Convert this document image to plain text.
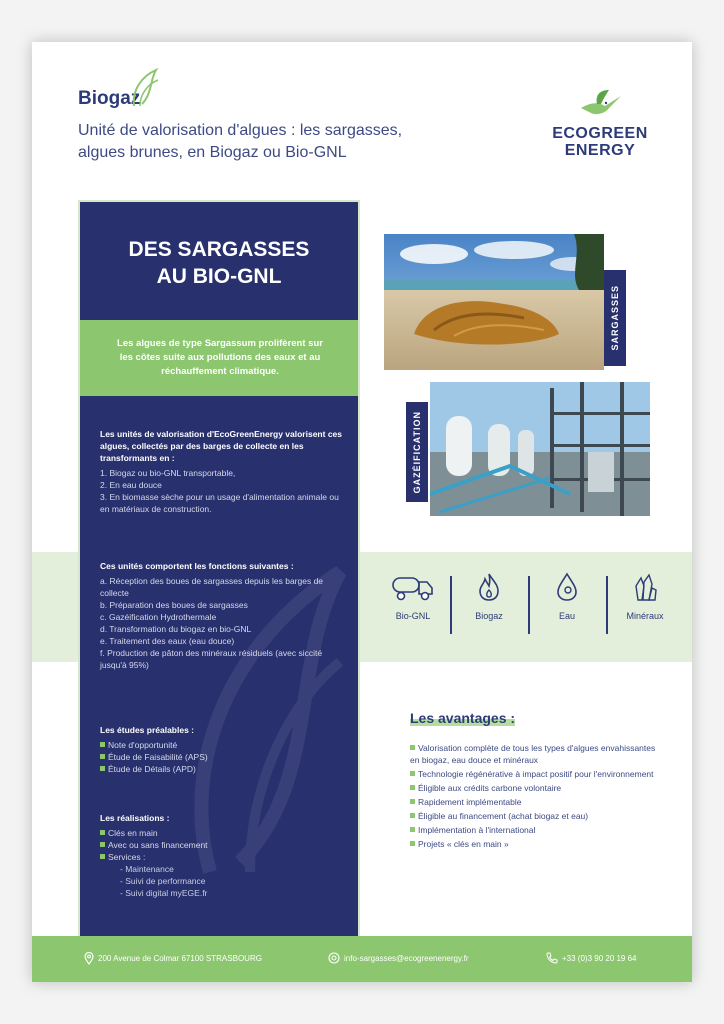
Biogaz
Unité de valorisation d'algues : les sargasses, algues brunes, en Biogaz ou Bio-GNL
ECOGREEN
ENERGY
DES SARGASSES
AU BIO-GNL
Les algues de type Sargassum prolifèrent sur les côtes suite aux pollutions des eaux et au réchauffement climatique.
Les unités de valorisation d'EcoGreenEnergy valorisent ces algues, collectés par des barges de collecte en les transformants en :
1. Biogaz ou bio-GNL transportable,
2. En eau douce
3. En biomasse sèche pour un usage d'alimentation animale ou en matériaux de construction.
Ces unités comportent les fonctions suivantes :
a. Réception des boues de sargasses depuis les barges de collecte
b. Préparation des boues de sargasses
c. Gazéification Hydrothermale
d. Transformation du biogaz en bio-GNL
e. Traitement des eaux (eau douce)
f. Production de pâton des minéraux résiduels (avec siccité jusqu'à 95%)
Les études préalables :
Note d'opportunité
Étude de Faisabilité (APS)
Étude de Détails (APD)
Les réalisations :
Clés en main
Avec ou sans financement
Services :
- Maintenance
- Suivi de performance
- Suivi digital myEGE.fr
SARGASSES
GAZÉIFICATION
Bio-GNL	Biogaz	Eau	Minéraux
Les avantages :
Valorisation complète de tous les types d'algues envahissantes en biogaz, eau douce et minéraux
Technologie régénérative à impact positif pour l'environnement
Éligible aux crédits carbone volontaire
Rapidement implémentable
Éligible au financement (achat biogaz et eau)
Implémentation à l'international
Projets « clés en main »
200 Avenue de Colmar 67100 STRASBOURG	info-sargasses@ecogreenenergy.fr	+33 (0)3 90 20 19 64
